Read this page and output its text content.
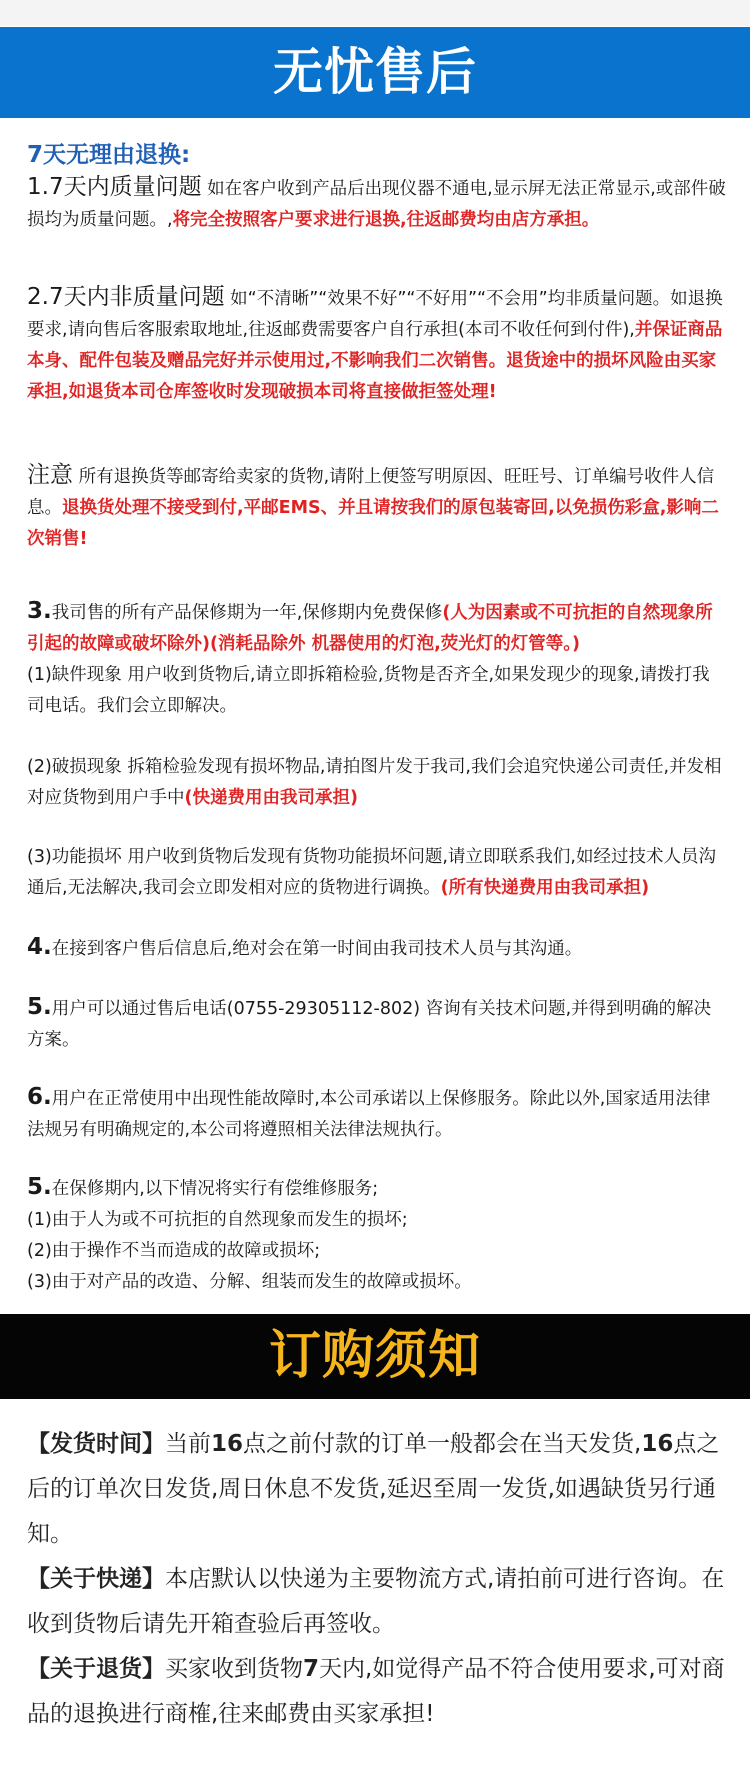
无忧售后
7天无理由退换:
1.7天内质量问题 如在客户收到产品后出现仪器不通电,显示屏无法正常显示,或部件破损均为质量问题。,将完全按照客户要求进行退换,往返邮费均由店方承担。
2.7天内非质量问题 如“不清晰”“效果不好”“不好用”“不会用”均非质量问题。如退换要求,请向售后客服索取地址,往返邮费需要客户自行承担(本司不收任何到付件),并保证商品本身、配件包装及赠品完好并示使用过,不影响我们二次销售。退货途中的损坏风险由买家承担,如退货本司仓库签收时发现破损本司将直接做拒签处理!
注意 所有退换货等邮寄给卖家的货物,请附上便签写明原因、旺旺号、订单编号收件人信息。退换货处理不接受到付,平邮EMS、并且请按我们的原包装寄回,以免损伤彩盒,影响二次销售!
3.我司售的所有产品保修期为一年,保修期内免费保修(人为因素或不可抗拒的自然现象所引起的故障或破坏除外)(消耗品除外 机器使用的灯泡,荧光灯的灯管等。)
(1)缺件现象 用户收到货物后,请立即拆箱检验,货物是否齐全,如果发现少的现象,请拨打我司电话。我们会立即解决。
(2)破损现象 拆箱检验发现有损坏物品,请拍图片发于我司,我们会追究快递公司责任,并发相对应货物到用户手中(快递费用由我司承担)
(3)功能损坏 用户收到货物后发现有货物功能损坏问题,请立即联系我们,如经过技术人员沟通后,无法解决,我司会立即发相对应的货物进行调换。(所有快递费用由我司承担)
4.在接到客户售后信息后,绝对会在第一时间由我司技术人员与其沟通。
5.用户可以通过售后电话(0755-29305112-802) 咨询有关技术问题,并得到明确的解决方案。
6.用户在正常使用中出现性能故障时,本公司承诺以上保修服务。除此以外,国家适用法律法规另有明确规定的,本公司将遵照相关法律法规执行。
5.在保修期内,以下情况将实行有偿维修服务;
(1)由于人为或不可抗拒的自然现象而发生的损坏;
(2)由于操作不当而造成的故障或损坏;
(3)由于对产品的改造、分解、组装而发生的故障或损坏。
订购须知
【发货时间】当前16点之前付款的订单一般都会在当天发货,16点之后的订单次日发货,周日休息不发货,延迟至周一发货,如遇缺货另行通知。
【关于快递】本店默认以快递为主要物流方式,请拍前可进行咨询。在收到货物后请先开箱查验后再签收。
【关于退货】买家收到货物7天内,如觉得产品不符合使用要求,可对商品的退换进行商榷,往来邮费由买家承担!
